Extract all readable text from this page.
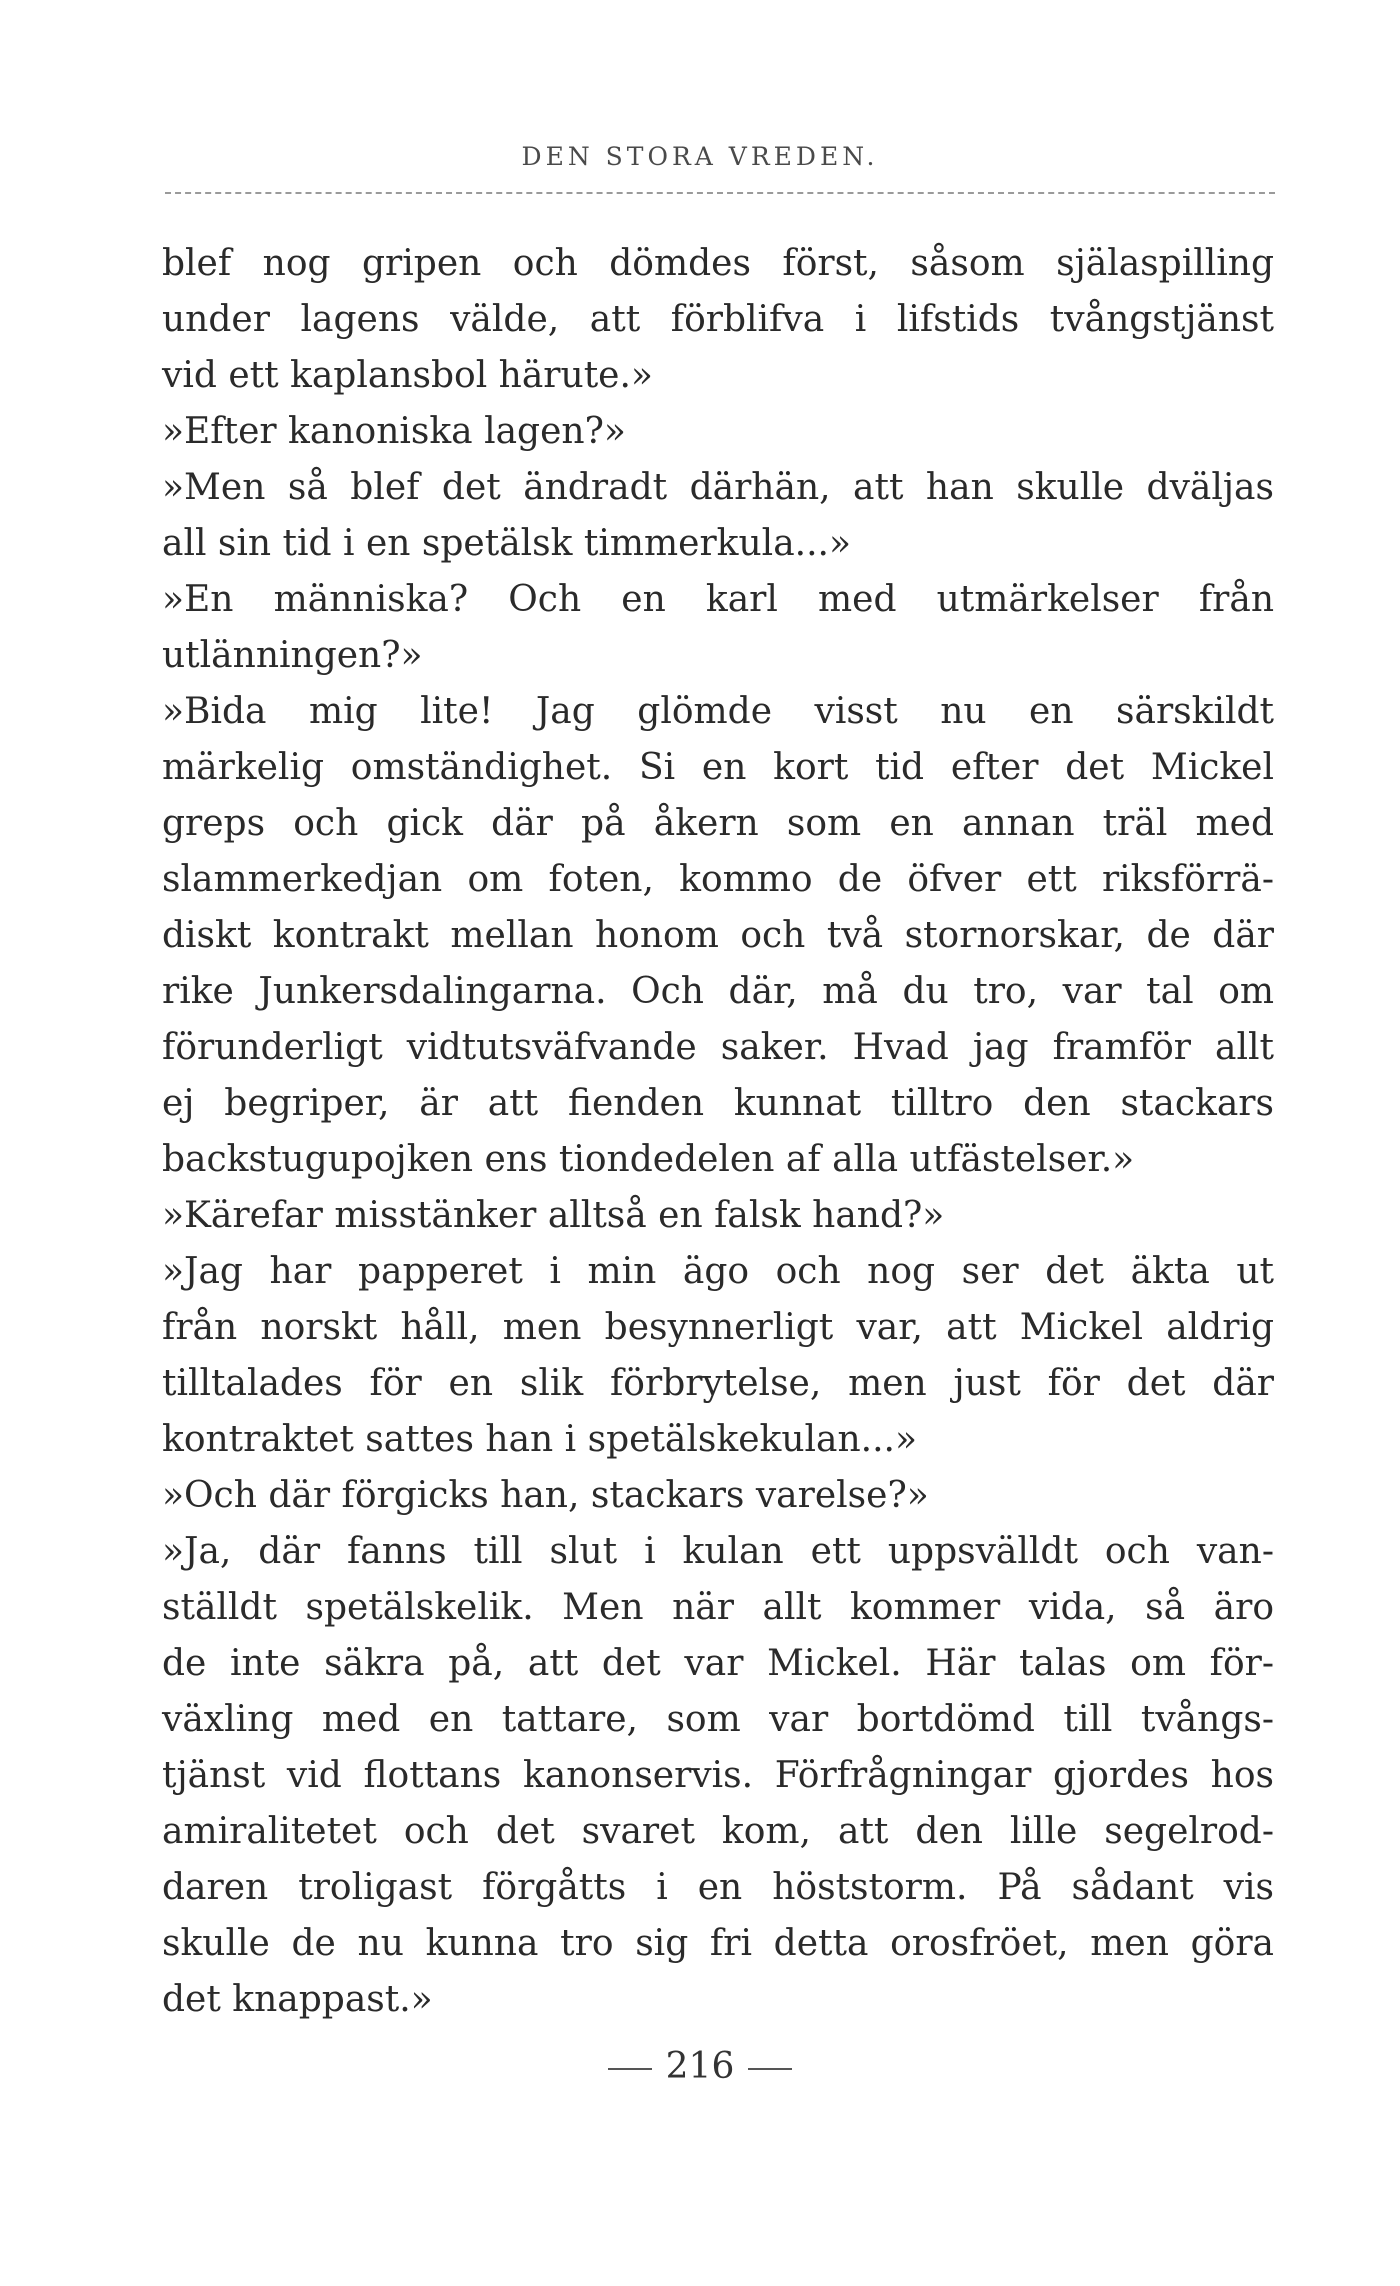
DEN STORA VREDEN.
blef nog gripen och dömdes först, såsom själaspilling
under lagens välde, att förblifva i lifstids tvångstjänst
vid ett kaplansbol härute.»
»Efter kanoniska lagen?»
»Men så blef det ändradt därhän, att han skulle dväljas
all sin tid i en spetälsk timmerkula...»
»En människa? Och en karl med utmärkelser från
utlänningen?»
»Bida mig lite! Jag glömde visst nu en särskildt
märkelig omständighet. Si en kort tid efter det Mickel
greps och gick där på åkern som en annan träl med
slammerkedjan om foten, kommo de öfver ett riksförrä-
diskt kontrakt mellan honom och två stornorskar, de där
rike Junkersdalingarna. Och där, må du tro, var tal om
förunderligt vidtutsväfvande saker. Hvad jag framför allt
ej begriper, är att fienden kunnat tilltro den stackars
backstugupojken ens tiondedelen af alla utfästelser.»
»Kärefar misstänker alltså en falsk hand?»
»Jag har papperet i min ägo och nog ser det äkta ut
från norskt håll, men besynnerligt var, att Mickel aldrig
tilltalades för en slik förbrytelse, men just för det där
kontraktet sattes han i spetälskekulan...»
»Och där förgicks han, stackars varelse?»
»Ja, där fanns till slut i kulan ett uppsvälldt och van-
ställdt spetälskelik. Men när allt kommer vida, så äro
de inte säkra på, att det var Mickel. Här talas om för-
växling med en tattare, som var bortdömd till tvångs-
tjänst vid flottans kanonservis. Förfrågningar gjordes hos
amiralitetet och det svaret kom, att den lille segelrod-
daren troligast förgåtts i en höststorm. På sådant vis
skulle de nu kunna tro sig fri detta orosfröet, men göra
det knappast.»
216
